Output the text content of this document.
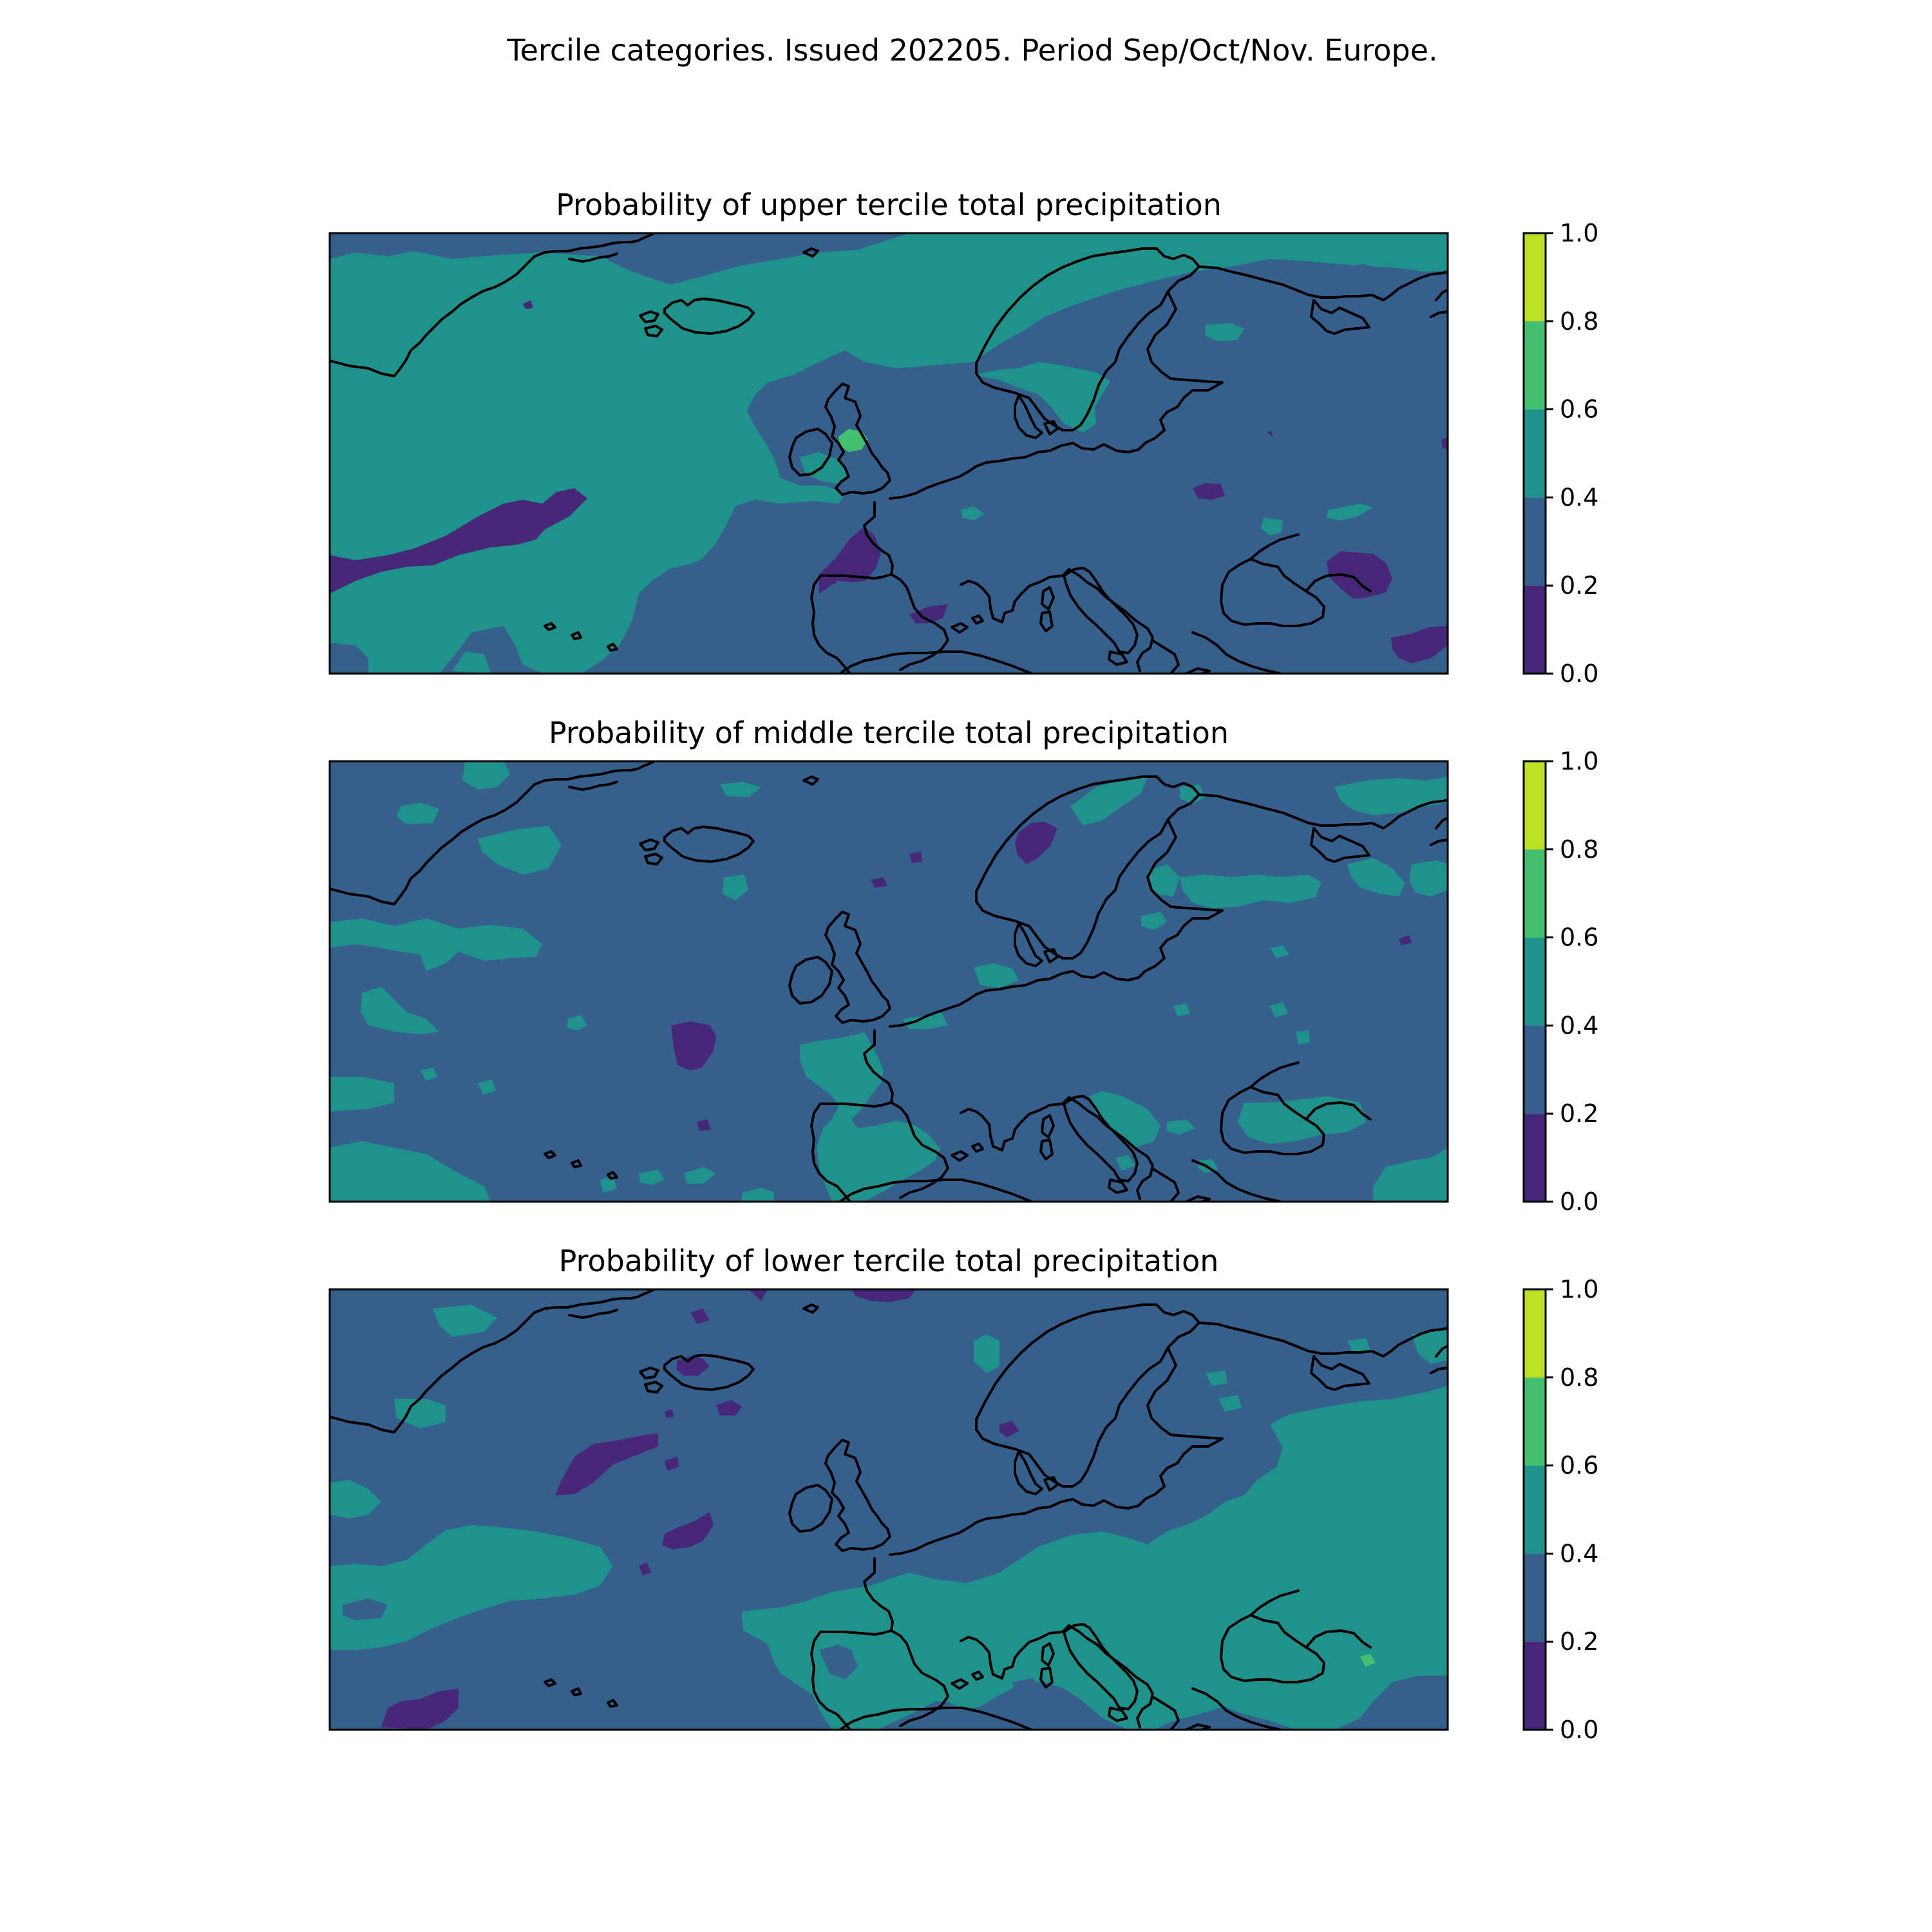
Tercile categories. Issued 202205. Period Sep/Oct/Nov. Europe.
Probability of upper tercile total precipitation
0.0
0.2
0.4
0.6
0.8
1.0
Probability of middle tercile total precipitation
0.0
0.2
0.4
0.6
0.8
1.0
Probability of lower tercile total precipitation
0.0
0.2
0.4
0.6
0.8
1.0
